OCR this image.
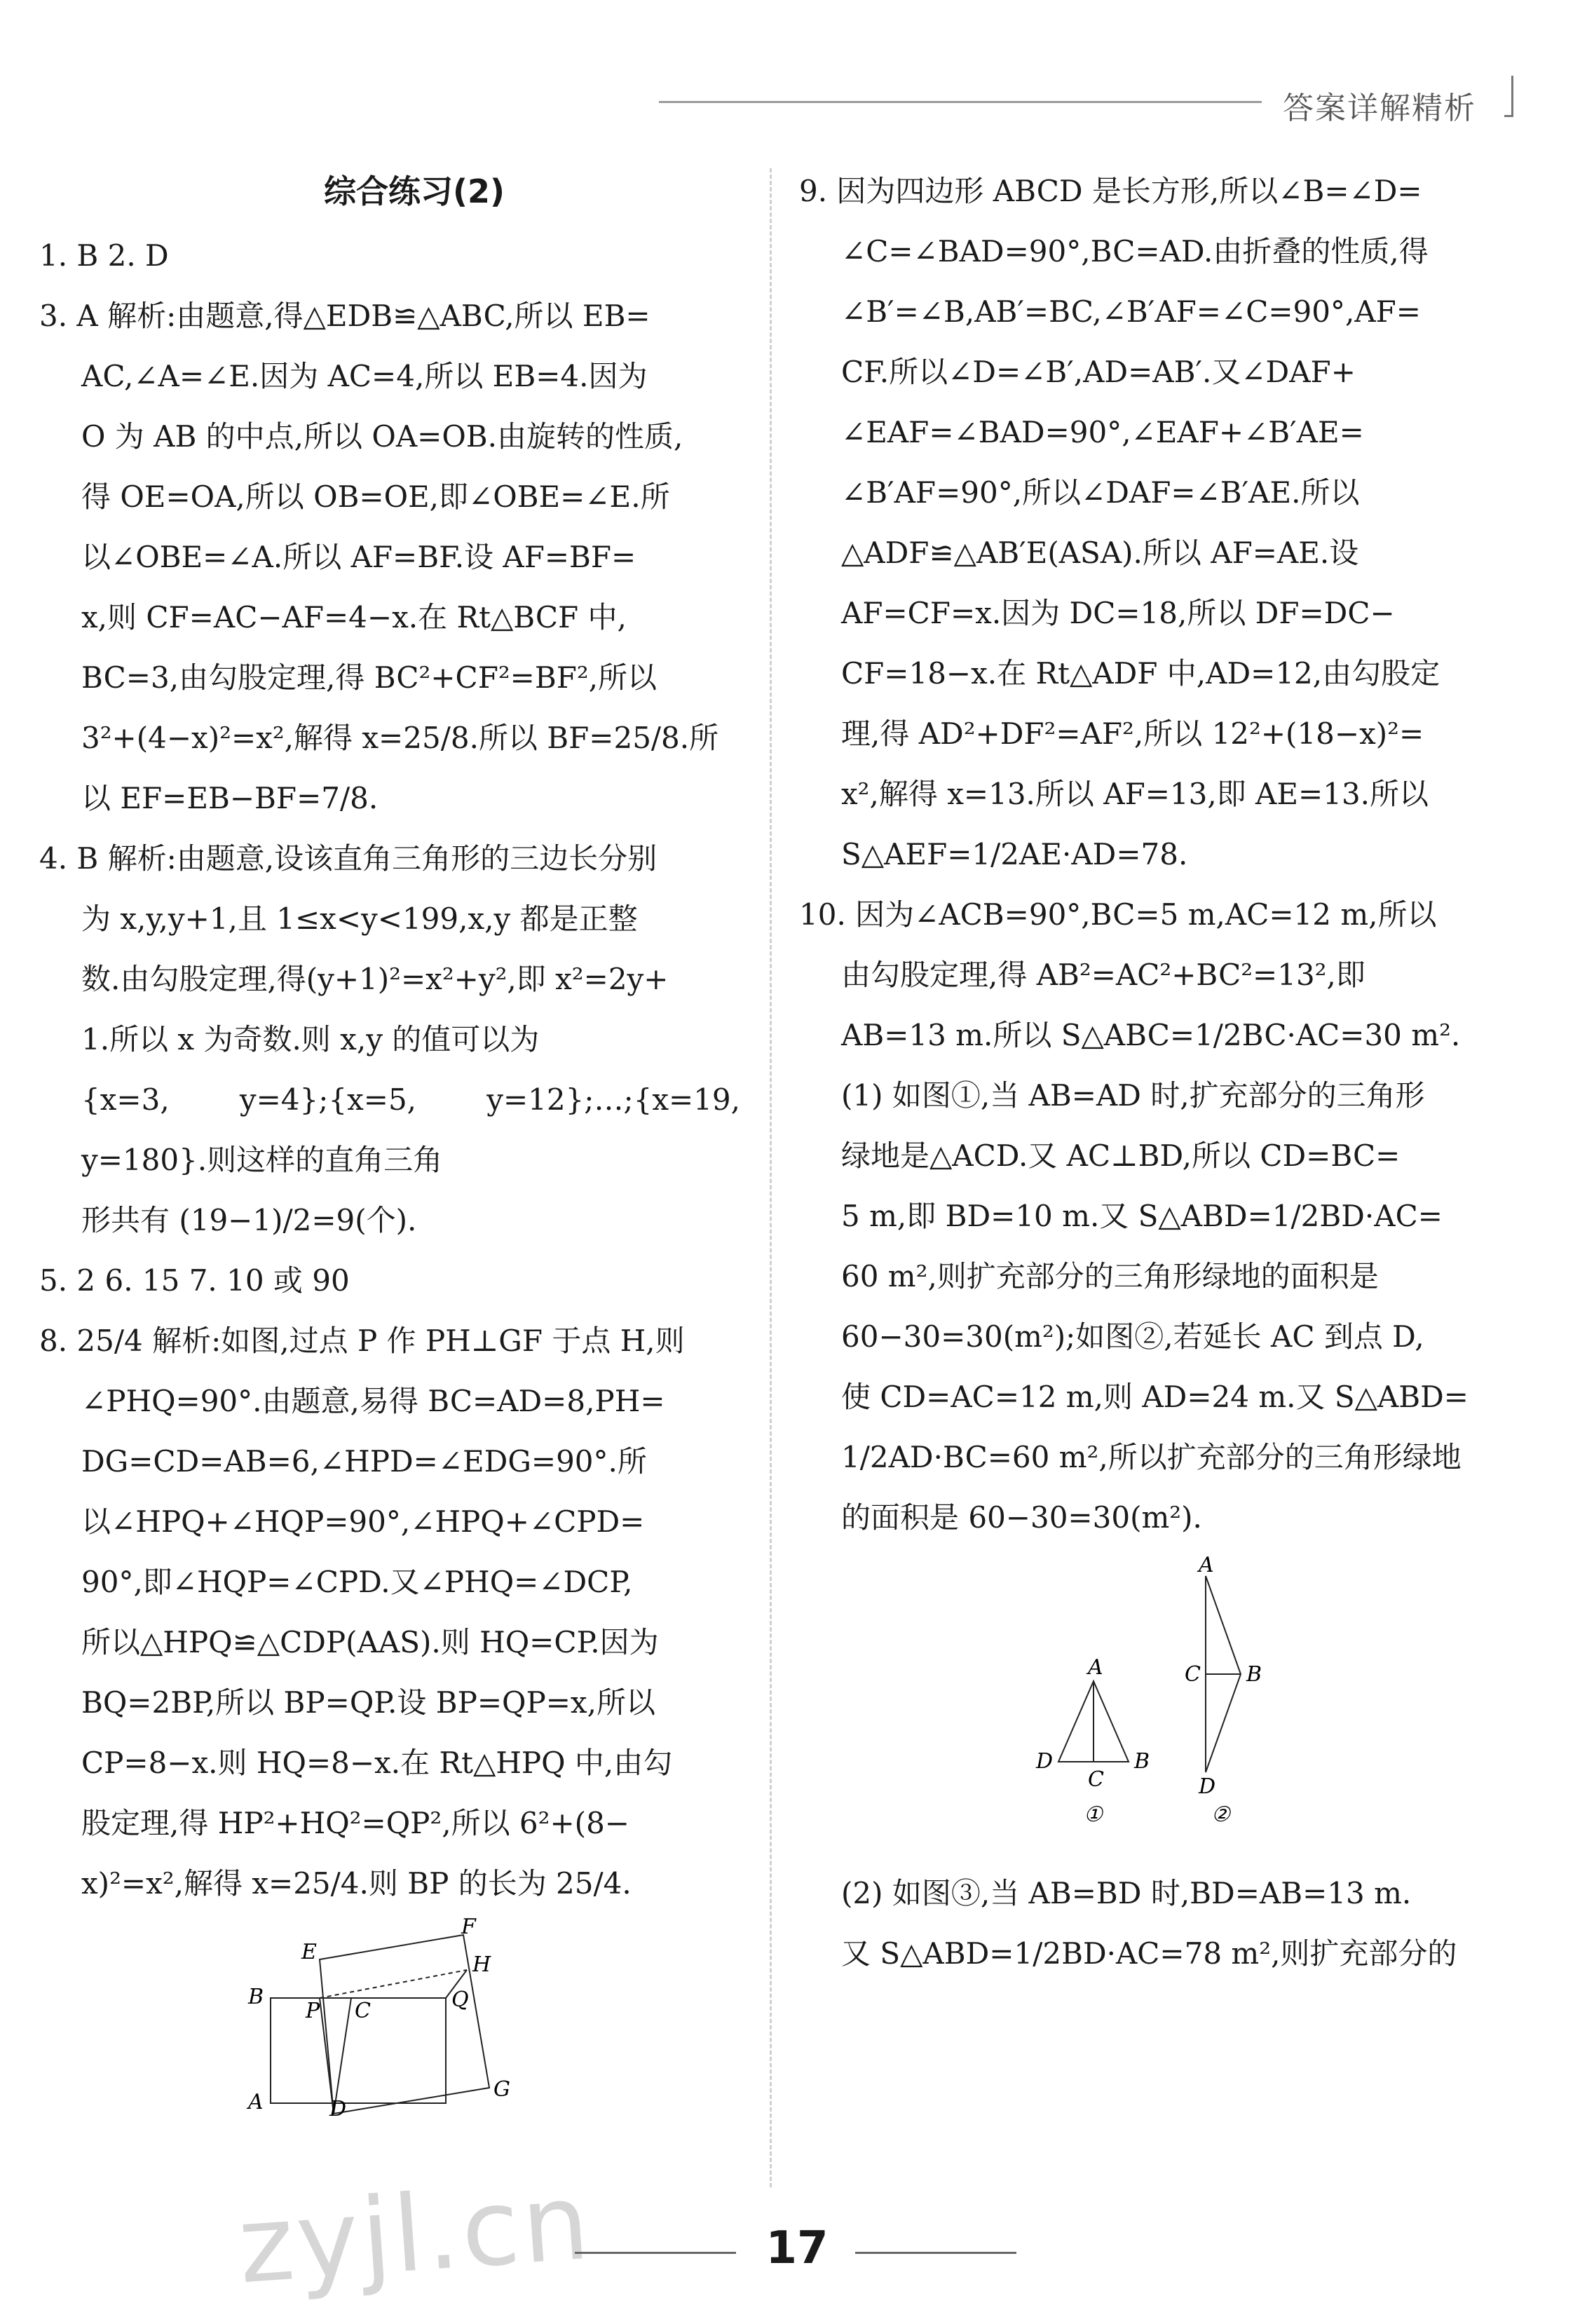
答案详解精析
综合练习(2)

1. B 2. D

3. A 解析:由题意,得△EDB≌△ABC,所以 EB=

AC,∠A=∠E.因为 AC=4,所以 EB=4.因为

O 为 AB 的中点,所以 OA=OB.由旋转的性质,

得 OE=OA,所以 OB=OE,即∠OBE=∠E.所

以∠OBE=∠A.所以 AF=BF.设 AF=BF=

x,则 CF=AC−AF=4−x.在 Rt△BCF 中,

BC=3,由勾股定理,得 BC²+CF²=BF²,所以

3²+(4−x)²=x²,解得 x=25/8.所以 BF=25/8.所

以 EF=EB−BF=7/8.

4. B 解析:由题意,设该直角三角形的三边长分别

为 x,y,y+1,且 1≤x<y<199,x,y 都是正整

数.由勾股定理,得(y+1)²=x²+y²,即 x²=2y+

1.所以 x 为奇数.则 x,y 的值可以为

{x=3, y=4};{x=5, y=12};…;{x=19, y=180}.则这样的直角三角

形共有 (19−1)/2=9(个).

5. 2 6. 15 7. 10 或 90

8. 25/4 解析:如图,过点 P 作 PH⊥GF 于点 H,则

∠PHQ=90°.由题意,易得 BC=AD=8,PH=

DG=CD=AB=6,∠HPD=∠EDG=90°.所

以∠HPQ+∠HQP=90°,∠HPQ+∠CPD=

90°,即∠HQP=∠CPD.又∠PHQ=∠DCP,

所以△HPQ≌△CDP(AAS).则 HQ=CP.因为

BQ=2BP,所以 BP=QP.设 BP=QP=x,所以

CP=8−x.则 HQ=8−x.在 Rt△HPQ 中,由勾

股定理,得 HP²+HQ²=QP²,所以 6²+(8−

x)²=x²,解得 x=25/4.则 BP 的长为 25/4.

F
E
H
B
P C	Q
G
A	D

9. 因为四边形 ABCD 是长方形,所以∠B=∠D=

∠C=∠BAD=90°,BC=AD.由折叠的性质,得

∠B′=∠B,AB′=BC,∠B′AF=∠C=90°,AF=

CF.所以∠D=∠B′,AD=AB′.又∠DAF+

∠EAF=∠BAD=90°,∠EAF+∠B′AE=

∠B′AF=90°,所以∠DAF=∠B′AE.所以

△ADF≌△AB′E(ASA).所以 AF=AE.设

AF=CF=x.因为 DC=18,所以 DF=DC−

CF=18−x.在 Rt△ADF 中,AD=12,由勾股定

理,得 AD²+DF²=AF²,所以 12²+(18−x)²=

x²,解得 x=13.所以 AF=13,即 AE=13.所以

S△AEF=1/2AE·AD=78.

10. 因为∠ACB=90°,BC=5 m,AC=12 m,所以

由勾股定理,得 AB²=AC²+BC²=13²,即

AB=13 m.所以 S△ABC=1/2BC·AC=30 m².

(1) 如图①,当 AB=AD 时,扩充部分的三角形

绿地是△ACD.又 AC⊥BD,所以 CD=BC=

5 m,即 BD=10 m.又 S△ABD=1/2BD·AC=

60 m²,则扩充部分的三角形绿地的面积是

60−30=30(m²);如图②,若延长 AC 到点 D,

使 CD=AC=12 m,则 AD=24 m.又 S△ABD=

1/2AD·BC=60 m²,所以扩充部分的三角形绿地

的面积是 60−30=30(m²).

A
D
C
B
①
A
C B
D
②

(2) 如图③,当 AB=BD 时,BD=AB=13 m.

又 S△ABD=1/2BD·AC=78 m²,则扩充部分的

zyjl.cn	17
